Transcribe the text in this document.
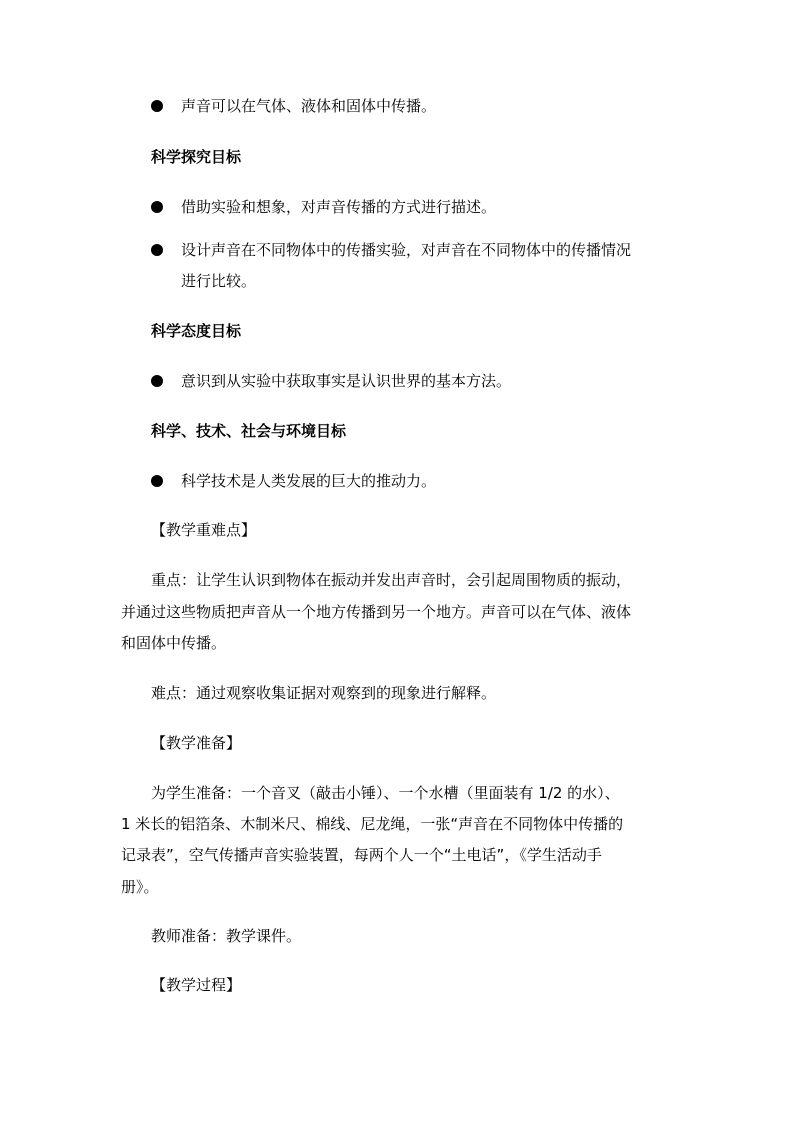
声音可以在气体、液体和固体中传播。
科学探究目标
借助实验和想象，对声音传播的方式进行描述。
设计声音在不同物体中的传播实验，对声音在不同物体中的传播情况
进行比较。
科学态度目标
意识到从实验中获取事实是认识世界的基本方法。
科学、技术、社会与环境目标
科学技术是人类发展的巨大的推动力。
【教学重难点】
重点：让学生认识到物体在振动并发出声音时，会引起周围物质的振动，
并通过这些物质把声音从一个地方传播到另一个地方。声音可以在气体、液体
和固体中传播。
难点：通过观察收集证据对观察到的现象进行解释。
【教学准备】
为学生准备：一个音叉（敲击小锤）、一个水槽（里面装有 1/2 的水）、
1 米长的铝箔条、木制米尺、棉线、尼龙绳，一张“声音在不同物体中传播的
记录表”，空气传播声音实验装置，每两个人一个“土电话”，《学生活动手
册》。
教师准备：教学课件。
【教学过程】
